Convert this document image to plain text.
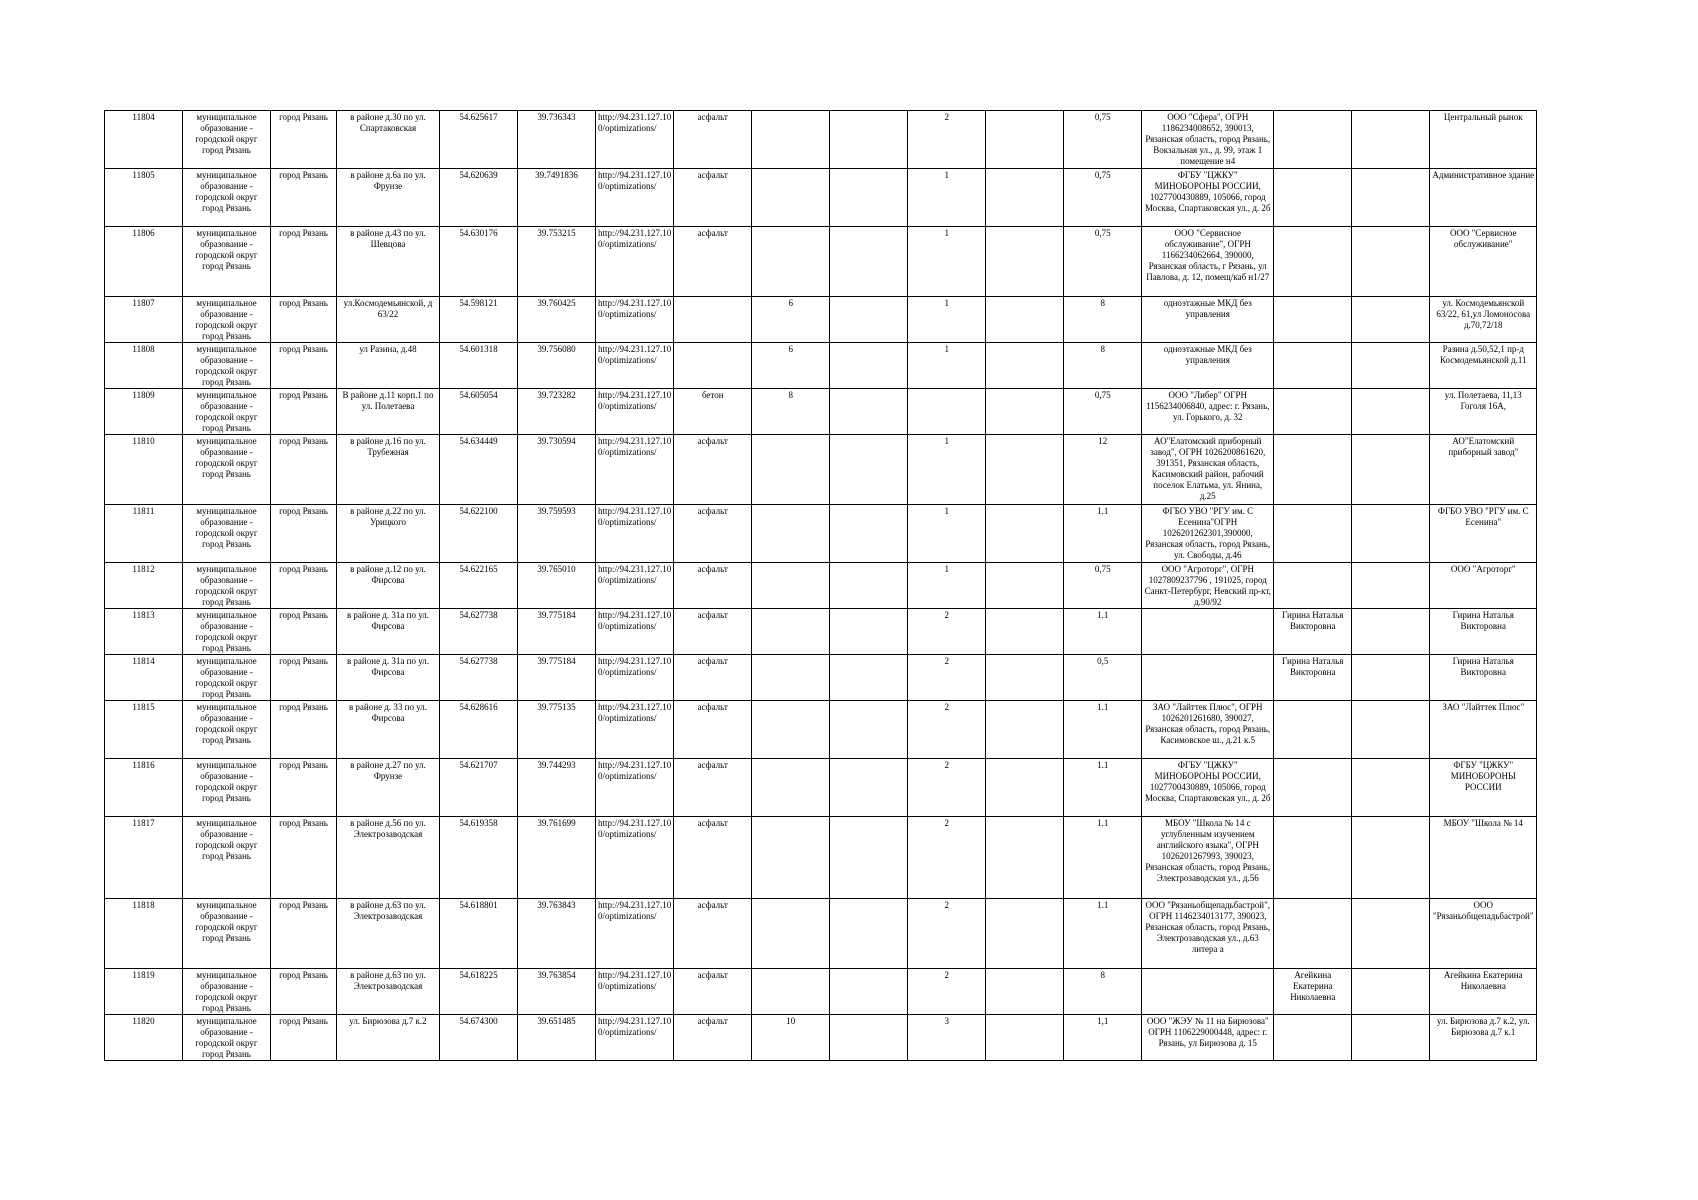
11804	муниципальное образование - городской округ город Рязань	город Рязань	в районе д.30 по ул. Спартаковская	54.625617	39.736343	http://94.231.127.10 0/optimizations/	асфальт			2		0,75	ООО "Сфера", ОГРН 1186234008652, 390013, Рязанская область, город Рязань, Вокзальная ул., д. 99, этаж 1 помещение н4			Центральный рынок
11805	муниципальное образование - городской округ город Рязань	город Рязань	в районе д.6а по ул. Фрунзе	54.620639	39.7491836	http://94.231.127.10 0/optimizations/	асфальт			1		0,75	ФГБУ "ЦЖКУ" МИНОБОРОНЫ РОССИИ, 1027700430889, 105066, город Москва, Спартаковская ул., д. 2б			Административное здание
11806	муниципальное образование - городской округ город Рязань	город Рязань	в районе д.43 по ул. Шевцова	54.630176	39.753215	http://94.231.127.10 0/optimizations/	асфальт			1		0,75	ООО "Сервисное обслуживание", ОГРН 1166234062664, 390000, Рязанская область, г Рязань, ул Павлова, д. 12, помещ/каб н1/27			ООО "Сервисное обслуживание"
11807	муниципальное образование - городской округ город Рязань	город Рязань	ул.Космодемьянской, д 63/22	54.598121	39.760425	http://94.231.127.10 0/optimizations/		6		1		8	одноэтажные МКД без управления			ул. Космодемьянской 63/22, 61,ул Ломоносова д.70,72/18
11808	муниципальное образование - городской округ город Рязань	город Рязань	ул Разина, д.48	54.601318	39.756080	http://94.231.127.10 0/optimizations/		6		1		8	одноэтажные МКД без управления			Разина д.50,52,1 пр-д Космодемьянской д.11
11809	муниципальное образование - городской округ город Рязань	город Рязань	В районе д.11 корп.1 по ул. Полетаева	54.605054	39.723282	http://94.231.127.10 0/optimizations/	бетон	8				0,75	ООО "Либер" ОГРН 1156234006840, адрес: г. Рязань, ул. Горького, д. 32			ул. Полетаева, 11,13 Гоголя 16А,
11810	муниципальное образование - городской округ город Рязань	город Рязань	в районе д.16 по ул. Трубежная	54.634449	39.730594	http://94.231.127.10 0/optimizations/	асфальт			1		12	АО"Елатомский приборный завод", ОГРН 1026200861620, 391351, Рязанская область, Касимовский район, рабочий поселок Елатьма, ул. Янина, д.25			АО"Елатомский приборный завод"
11811	муниципальное образование - городской округ город Рязань	город Рязань	в районе д.22 по ул. Урицкого	54.622100	39.759593	http://94.231.127.10 0/optimizations/	асфальт			1		1.1	ФГБО УВО "РГУ им. С Есенина"ОГРН 1026201262301,390000, Рязанская область, город Рязань, ул. Свободы, д.46			ФГБО УВО "РГУ им. С Есенина"
11812	муниципальное образование - городской округ город Рязань	город Рязань	в районе д.12 по ул. Фирсова	54.622165	39.765010	http://94.231.127.10 0/optimizations/	асфальт			1		0,75	ООО "Агроторг", ОГРН 1027809237796 , 191025, город Санкт-Петербург, Невский пр-кт, д.90/92			ООО "Агроторг"
11813	муниципальное образование - городской округ город Рязань	город Рязань	в районе д. 31а по ул. Фирсова	54.627738	39.775184	http://94.231.127.10 0/optimizations/	асфальт			2		1.1		Гирина Наталья Викторовна		Гирина Наталья Викторовна
11814	муниципальное образование - городской округ город Рязань	город Рязань	в районе д. 31а по ул. Фирсова	54.627738	39.775184	http://94.231.127.10 0/optimizations/	асфальт			2		0,5		Гирина Наталья Викторовна		Гирина Наталья Викторовна
11815	муниципальное образование - городской округ город Рязань	город Рязань	в районе д. 33 по ул. Фирсова	54.628616	39.775135	http://94.231.127.10 0/optimizations/	асфальт			2		1.1	ЗАО "Лайттек Плюс", ОГРН 1026201261680, 390027, Рязанская область, город Рязань, Касимовское ш., д.21 к.5			ЗАО "Лайттек Плюс"
11816	муниципальное образование - городской округ город Рязань	город Рязань	в районе д.27 по ул. Фрунзе	54.621707	39.744293	http://94.231.127.10 0/optimizations/	асфальт			2		1.1	ФГБУ "ЦЖКУ" МИНОБОРОНЫ РОССИИ, 1027700430889, 105066, город Москва, Спартаковская ул., д. 2б			ФГБУ "ЦЖКУ" МИНОБОРОНЫ РОССИИ
11817	муниципальное образование - городской округ город Рязань	город Рязань	в районе д.56 по ул. Электрозаводская	54.619358	39.761699	http://94.231.127.10 0/optimizations/	асфальт			2		1.1	МБОУ "Школа № 14 с углубленным изучением английского языка", ОГРН 1026201267993, 390023, Рязанская область, город Рязань, Электрозаводская ул., д.56			МБОУ "Школа № 14
11818	муниципальное образование - городской округ город Рязань	город Рязань	в районе д.63 по ул. Электрозаводская	54.618801	39.763843	http://94.231.127.10 0/optimizations/	асфальт			2		1.1	ООО "Рязаньобщепадьбастрой", ОГРН 1146234013177, 390023, Рязанская область, город Рязань, Электрозаводская ул., д.63 литера а			ООО "Рязаньобщепадьбастрой"
11819	муниципальное образование - городской округ город Рязань	город Рязань	в районе д.63 по ул. Электрозаводская	54.618225	39.763854	http://94.231.127.10 0/optimizations/	асфальт			2		8		Агейкина Екатерина Николаевна		Агейкина Екатерина Николаевна
11820	муниципальное образование - городской округ город Рязань	город Рязань	ул. Бирюзова д.7 к.2	54.674300	39.651485	http://94.231.127.10 0/optimizations/	асфальт	10		3		1,1	ООО "ЖЭУ № 11 на Бирюзова" ОГРН 1106229000448, адрес: г. Рязань, ул Бирюзова д. 15			ул. Бирюзова д.7 к.2, ул. Бирюзова д.7 к.1
